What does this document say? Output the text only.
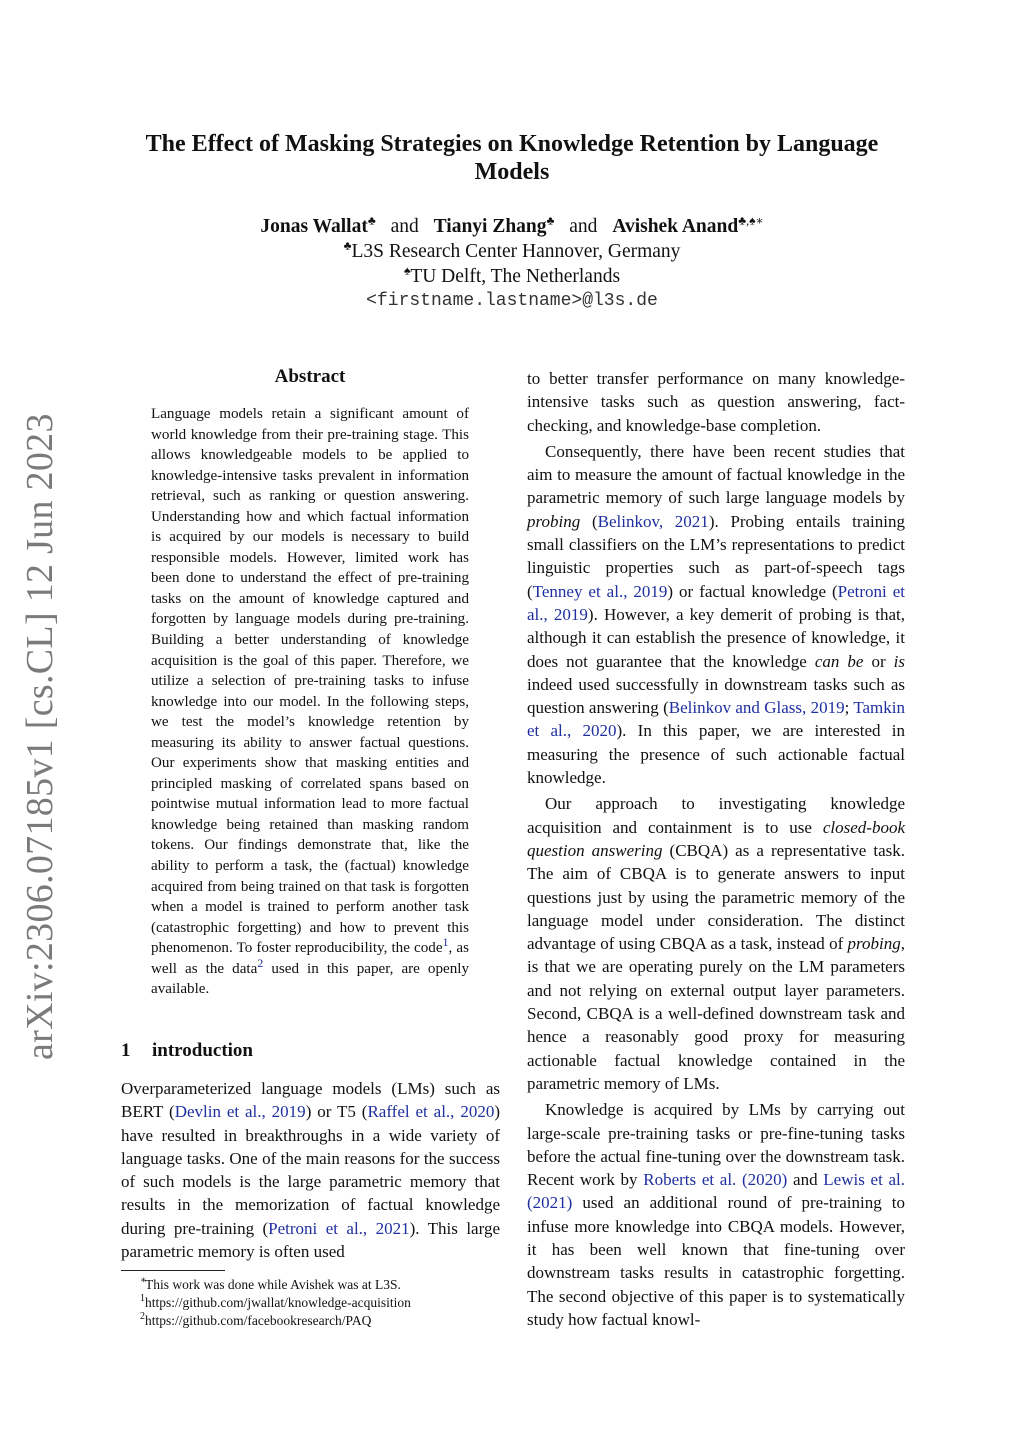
arXiv:2306.07185v1 [cs.CL] 12 Jun 2023
The Effect of Masking Strategies on Knowledge Retention by Language Models
Jonas Wallat♣ and Tianyi Zhang♣ and Avishek Anand♣,♠∗
♣L3S Research Center Hannover, Germany
♠TU Delft, The Netherlands
<firstname.lastname>@l3s.de
Abstract
Language models retain a significant amount of world knowledge from their pre-training stage. This allows knowledgeable models to be applied to knowledge-intensive tasks prevalent in information retrieval, such as ranking or question answering. Understanding how and which factual information is acquired by our models is necessary to build responsible models. However, limited work has been done to understand the effect of pre-training tasks on the amount of knowledge captured and forgotten by language models during pre-training. Building a better understanding of knowledge acquisition is the goal of this paper. Therefore, we utilize a selection of pre-training tasks to infuse knowledge into our model. In the following steps, we test the model’s knowledge retention by measuring its ability to answer factual questions. Our experiments show that masking entities and principled masking of correlated spans based on pointwise mutual information lead to more factual knowledge being retained than masking random tokens. Our findings demonstrate that, like the ability to perform a task, the (factual) knowledge acquired from being trained on that task is forgotten when a model is trained to perform another task (catastrophic forgetting) and how to prevent this phenomenon. To foster reproducibility, the code$^1$, as well as the data$^2$ used in this paper, are openly available.
1 introduction

Overparameterized language models (LMs) such as BERT (Devlin et al., 2019) or T5 (Raffel et al., 2020) have resulted in breakthroughs in a wide variety of language tasks. One of the main reasons for the success of such models is the large parametric memory that results in the memorization of factual knowledge during pre-training (Petroni et al., 2021). This large parametric memory is often used

∗
This work was done while Avishek was at L3S.
1 https://github.com/jwallat/knowledge-acquisition
2 https://github.com/facebookresearch/PAQ

to better transfer performance on many knowledge-intensive tasks such as question answering, fact-checking, and knowledge-base completion.

Consequently, there have been recent studies that aim to measure the amount of factual knowledge in the parametric memory of such large language models by probing (Belinkov, 2021). Probing entails training small classifiers on the LM’s representations to predict linguistic properties such as part-of-speech tags (Tenney et al., 2019) or factual knowledge (Petroni et al., 2019). However, a key demerit of probing is that, although it can establish the presence of knowledge, it does not guarantee that the knowledge can be or is indeed used successfully in downstream tasks such as question answering (Belinkov and Glass, 2019; Tamkin et al., 2020). In this paper, we are interested in measuring the presence of such actionable factual knowledge.

Our approach to investigating knowledge acquisition and containment is to use closed-book question answering (CBQA) as a representative task. The aim of CBQA is to generate answers to input questions just by using the parametric memory of the language model under consideration. The distinct advantage of using CBQA as a task, instead of probing, is that we are operating purely on the LM parameters and not relying on external output layer parameters. Second, CBQA is a well-defined downstream task and hence a reasonably good proxy for measuring actionable factual knowledge contained in the parametric memory of LMs.

Knowledge is acquired by LMs by carrying out large-scale pre-training tasks or pre-fine-tuning tasks before the actual fine-tuning over the downstream task. Recent work by Roberts et al. (2020) and Lewis et al. (2021) used an additional round of pre-training to infuse more knowledge into CBQA models. However, it has been well known that fine-tuning over downstream tasks results in catastrophic forgetting. The second objective of this paper is to systematically study how factual knowl-
